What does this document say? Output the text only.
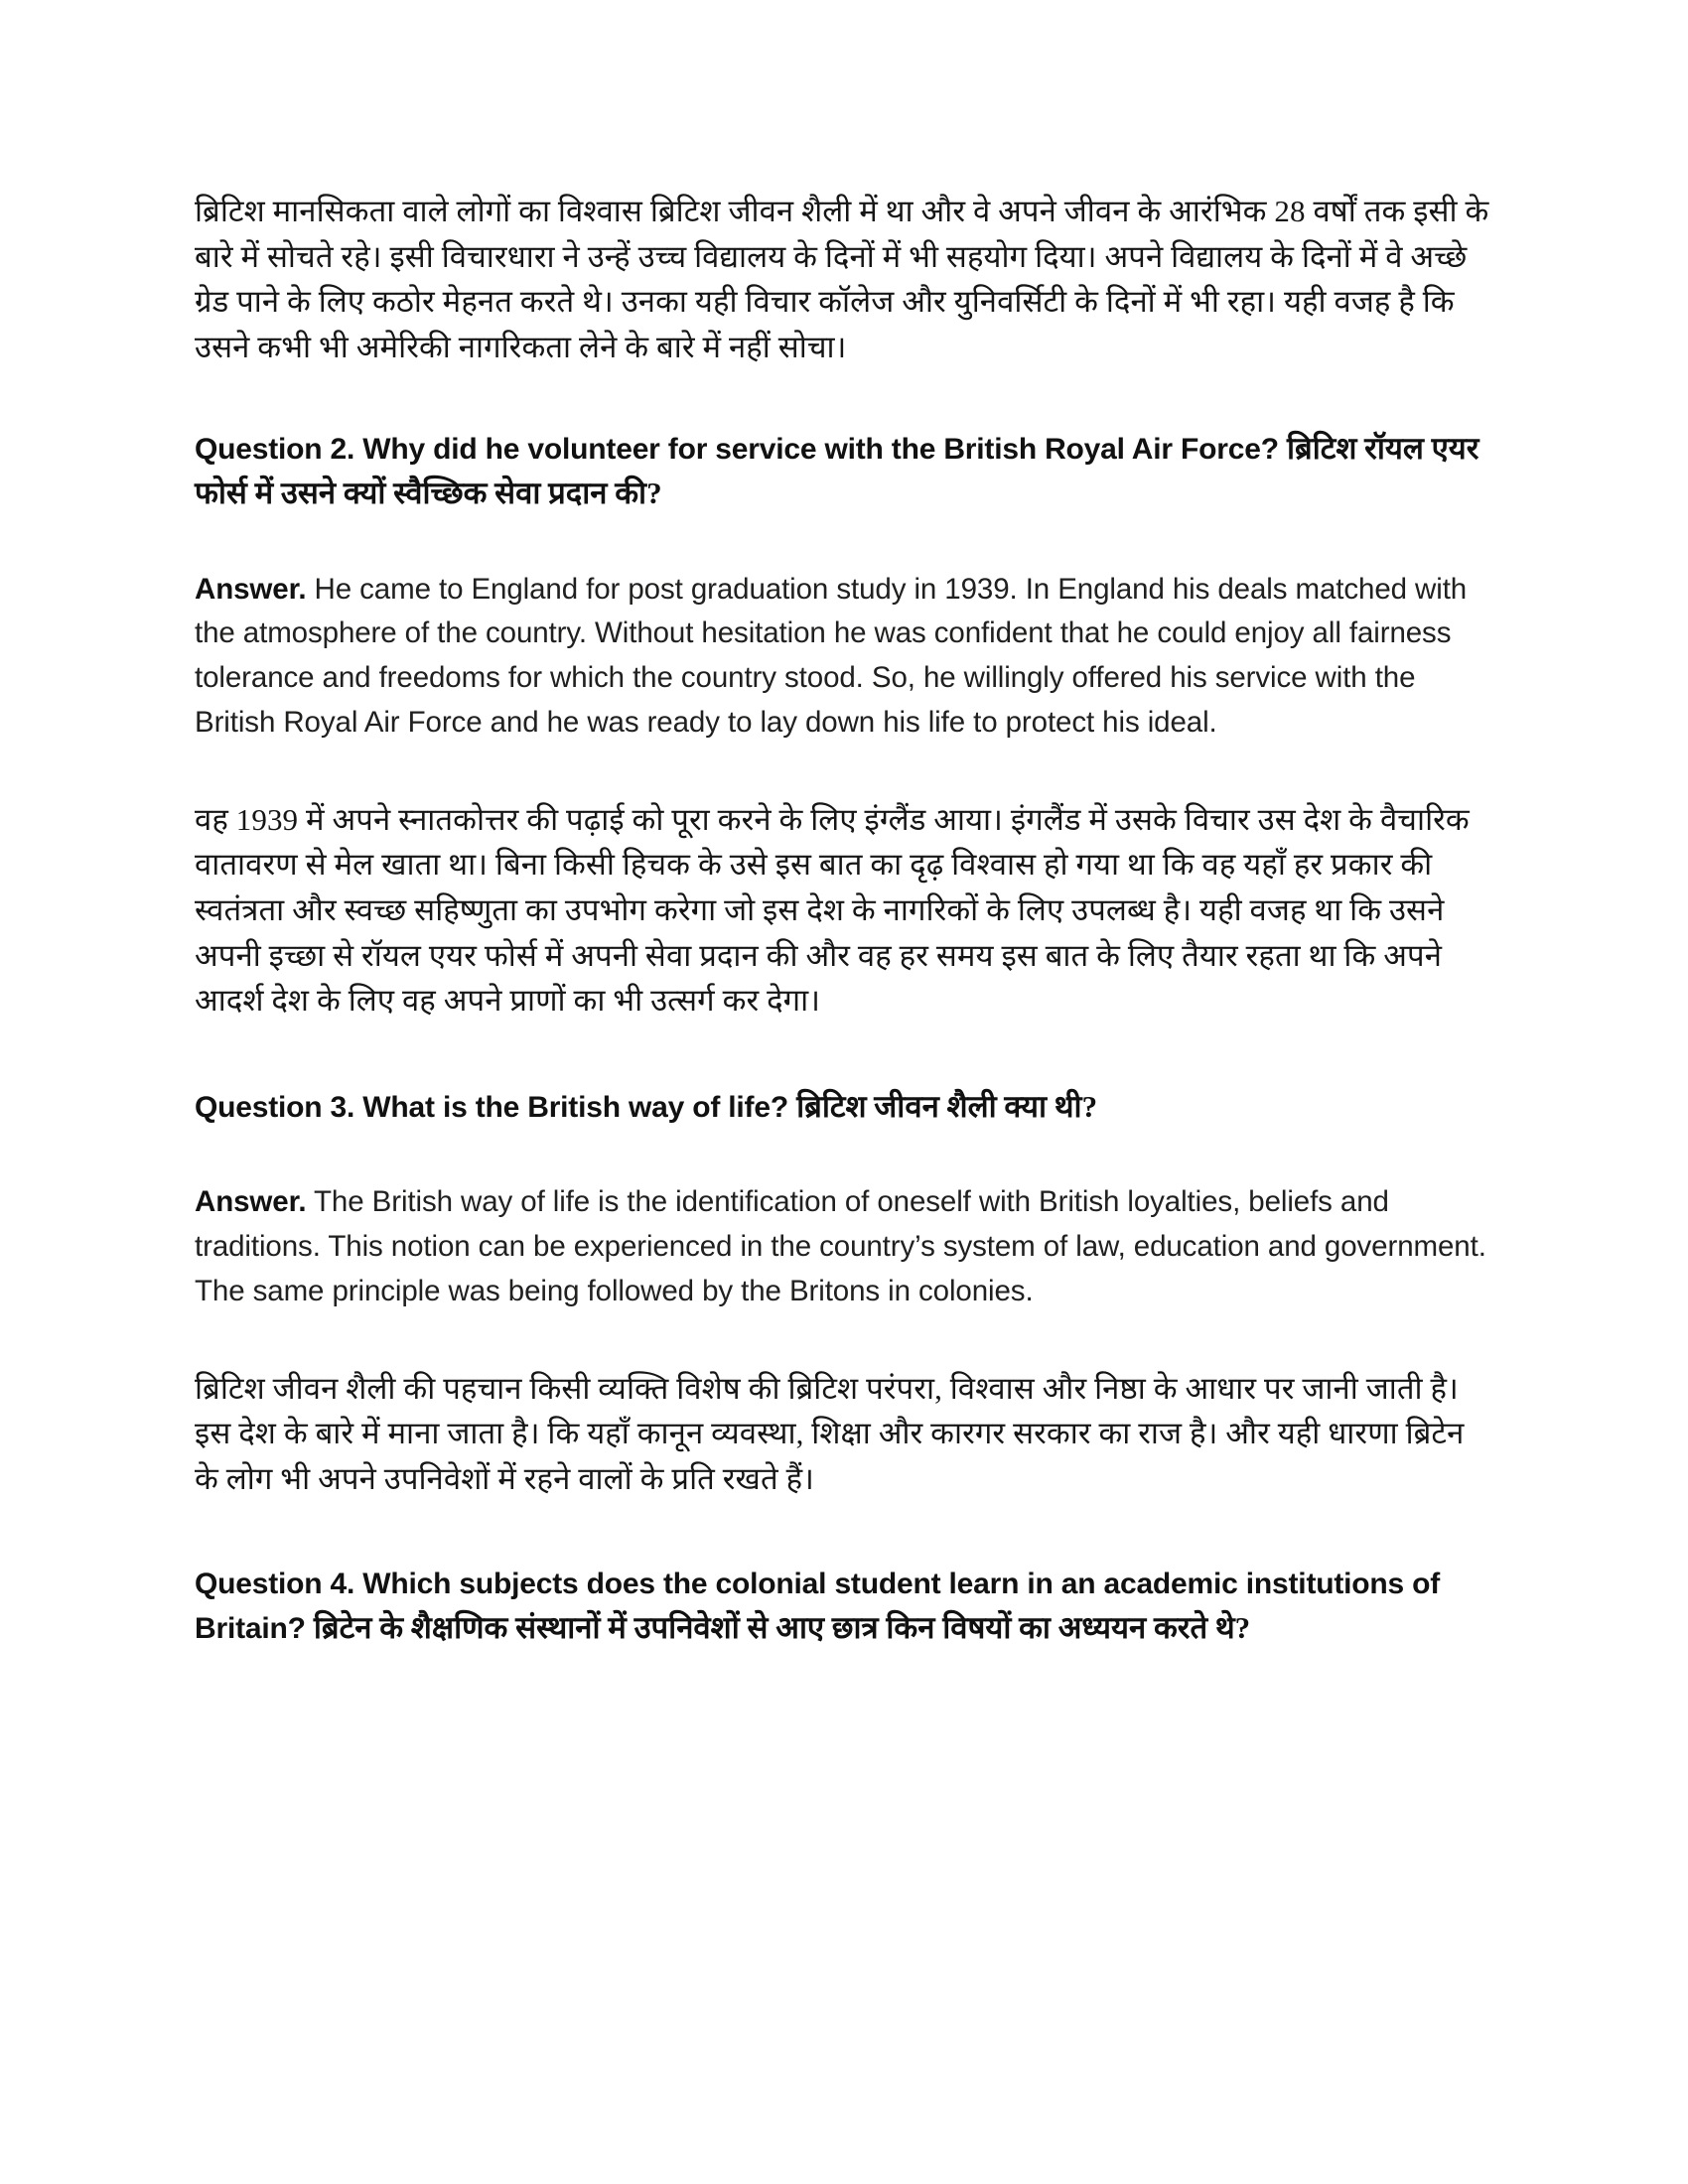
ब्रिटिश मानसिकता वाले लोगों का विश्वास ब्रिटिश जीवन शैली में था और वे अपने जीवन के आरंभिक 28 वर्षों तक इसी के बारे में सोचते रहे। इसी विचारधारा ने उन्हें उच्च विद्यालय के दिनों में भी सहयोग दिया। अपने विद्यालय के दिनों में वे अच्छे ग्रेड पाने के लिए कठोर मेहनत करते थे। उनका यही विचार कॉलेज और युनिवर्सिटी के दिनों में भी रहा। यही वजह है कि उसने कभी भी अमेरिकी नागरिकता लेने के बारे में नहीं सोचा।

Question 2. Why did he volunteer for service with the British Royal Air Force? ब्रिटिश रॉयल एयर फोर्स में उसने क्यों स्वैच्छिक सेवा प्रदान की?

Answer. He came to England for post graduation study in 1939. In England his deals matched with the atmosphere of the country. Without hesitation he was confident that he could enjoy all fairness tolerance and freedoms for which the country stood. So, he willingly offered his service with the British Royal Air Force and he was ready to lay down his life to protect his ideal.

वह 1939 में अपने स्नातकोत्तर की पढ़ाई को पूरा करने के लिए इंग्लैंड आया। इंगलैंड में उसके विचार उस देश के वैचारिक वातावरण से मेल खाता था। बिना किसी हिचक के उसे इस बात का दृढ़ विश्वास हो गया था कि वह यहाँ हर प्रकार की स्वतंत्रता और स्वच्छ सहिष्णुता का उपभोग करेगा जो इस देश के नागरिकों के लिए उपलब्ध है। यही वजह था कि उसने अपनी इच्छा से रॉयल एयर फोर्स में अपनी सेवा प्रदान की और वह हर समय इस बात के लिए तैयार रहता था कि अपने आदर्श देश के लिए वह अपने प्राणों का भी उत्सर्ग कर देगा।

Question 3. What is the British way of life? ब्रिटिश जीवन शैली क्या थी?

Answer. The British way of life is the identification of oneself with British loyalties, beliefs and traditions. This notion can be experienced in the country’s system of law, education and government. The same principle was being followed by the Britons in colonies.

ब्रिटिश जीवन शैली की पहचान किसी व्यक्ति विशेष की ब्रिटिश परंपरा, विश्वास और निष्ठा के आधार पर जानी जाती है। इस देश के बारे में माना जाता है। कि यहाँ कानून व्यवस्था, शिक्षा और कारगर सरकार का राज है। और यही धारणा ब्रिटेन के लोग भी अपने उपनिवेशों में रहने वालों के प्रति रखते हैं।

Question 4. Which subjects does the colonial student learn in an academic institutions of Britain? ब्रिटेन के शैक्षणिक संस्थानों में उपनिवेशों से आए छात्र किन विषयों का अध्ययन करते थे?
